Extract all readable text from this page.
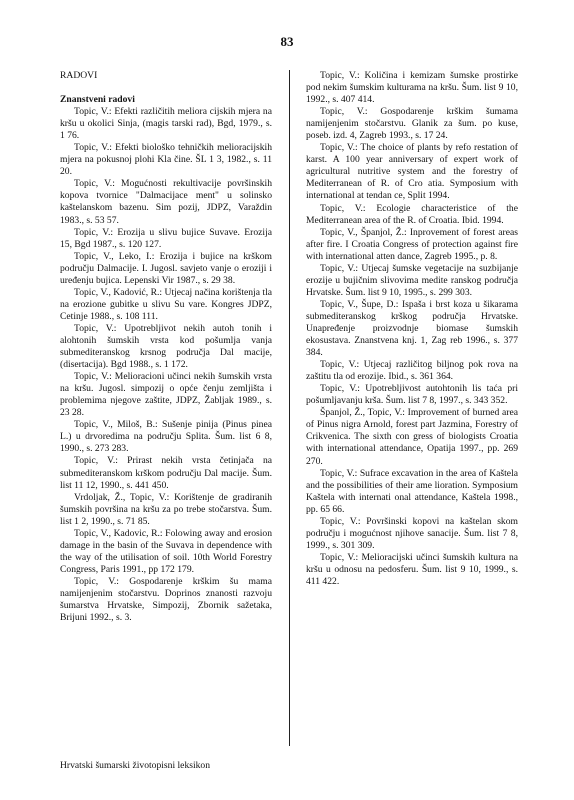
83

RADOVI

Znanstveni radovi

Topic, V.: Efekti različitih meliora cijskih mjera na kršu u okolici Sinja, (magis tarski rad), Bgd, 1979., s. 1 76.

Topic, V.: Efekti biološko tehničkih melioracijskih mjera na pokusnoj plohi Kla čine. ŠL 1 3, 1982., s. 11 20.

Topic, V.: Mogućnosti rekultivacije površinskih kopova tvornice "Dalmacijace ment" u solinsko kaštelanskom bazenu. Sim pozij, JDPZ, Varaždin 1983., s. 53 57.

Topic, V.: Erozija u slivu bujice Suvave. Erozija 15, Bgd 1987., s. 120 127.

Topic, V., Leko, I.: Erozija i bujice na krškom području Dalmacije. I. Jugosl. savjeto vanje o eroziji i uređenju bujica. Lepenski Vir 1987., s. 29 38.

Topic, V., Kadović, R.: Utjecaj načina korištenja tla na erozione gubitke u slivu Su vare. Kongres JDPZ, Cetinje 1988., s. 108 111.

Topic, V.: Upotrebljivot nekih autoh tonih i alohtonih šumskih vrsta kod pošumlja vanja submediteranskog krsnog područja Dal macije, (disertacija). Bgd 1988., s. 1 172.

Topic, V.: Melioracioni učinci nekih šumskih vrsta na kršu. Jugosl. simpozij o opće čenju zemljišta i problemima njegove zaštite, JDPZ, Žabljak 1989., s. 23 28.

Topic, V., Miloš, B.: Sušenje pinija (Pinus pinea L.) u drvoredima na području Splita. Šum. list 6 8, 1990., s. 273 283.

Topic, V.: Prirast nekih vrsta četinjača na submediteranskom krškom području Dal macije. Šum. list 11 12, 1990., s. 441 450.

Vrdoljak, Ž., Topic, V.: Korištenje de gradiranih šumskih površina na kršu za po trebe stočarstva. Šum. list 1 2, 1990., s. 71 85.

Topic, V., Kadovic, R.: Folowing away and erosion damage in the basin of the Suvava in dependence with the way of the utilisation of soil. 10th World Forestry Congress, Paris 1991., pp 172 179.

Topic, V.: Gospodarenje krškim šu mama namijenjenim stočarstvu. Doprinos znanosti razvoju šumarstva Hrvatske, Simpozij, Zbornik sažetaka, Brijuni 1992., s. 3.

Topic, V.: Količina i kemizam šumske prostirke pod nekim šumskim kulturama na kršu. Šum. list 9 10, 1992., s. 407 414.

Topic, V.: Gospodarenje krškim šumama namijenjenim stočarstvu. Glanik za šum. po kuse, poseb. izd. 4, Zagreb 1993., s. 17 24.

Topic, V.: The choice of plants by refo restation of karst. A 100 year anniversary of expert work of agricultural nutritive system and the forestry of Mediterranean of R. of Cro atia. Symposium with international at tendan ce, Split 1994.

Topic, V.: Ecologie characteristice of the Mediterranean area of the R. of Croatia. Ibid. 1994.

Topic, V., Španjol, Ž.: Inprovement of forest areas after fire. I Croatia Congress of protection against fire with international atten dance, Zagreb 1995., p. 8.

Topic, V.: Utjecaj šumske vegetacije na suzbijanje erozije u bujičnim slivovima medite ranskog područja Hrvatske. Šum. list 9 10, 1995., s. 299 303.

Topic, V., Šupe, D.: Ispaša i brst koza u šikarama submediteranskog krškog područja Hrvatske. Unapređenje proizvodnje biomase šumskih ekosustava. Znanstvena knj. 1, Zag reb 1996., s. 377 384.

Topic, V.: Utjecaj različitog biljnog pok rova na zaštitu tla od erozije. Ibid., s. 361 364.

Topic, V.: Upotrebljivost autohtonih lis taća pri pošumljavanju krša. Šum. list 7 8, 1997., s. 343 352.

Španjol, Ž., Topic, V.: Improvement of burned area of Pinus nigra Arnold, forest part Jazmina, Forestry of Crikvenica. The sixth con gress of biologists Croatia with international attendance, Opatija 1997., pp. 269 270.

Topic, V.: Sufrace excavation in the area of Kaštela and the possibilities of their ame lioration. Symposium Kaštela with internati onal attendance, Kaštela 1998., pp. 65 66.

Topic, V.: Površinski kopovi na kaštelan skom području i mogućnost njihove sanacije. Šum. list 7 8, 1999., s. 301 309.

Topic, V.: Melioracijski učinci šumskih kultura na kršu u odnosu na pedosferu. Šum. list 9 10, 1999., s. 411 422.

Hrvatski šumarski životopisni leksikon
